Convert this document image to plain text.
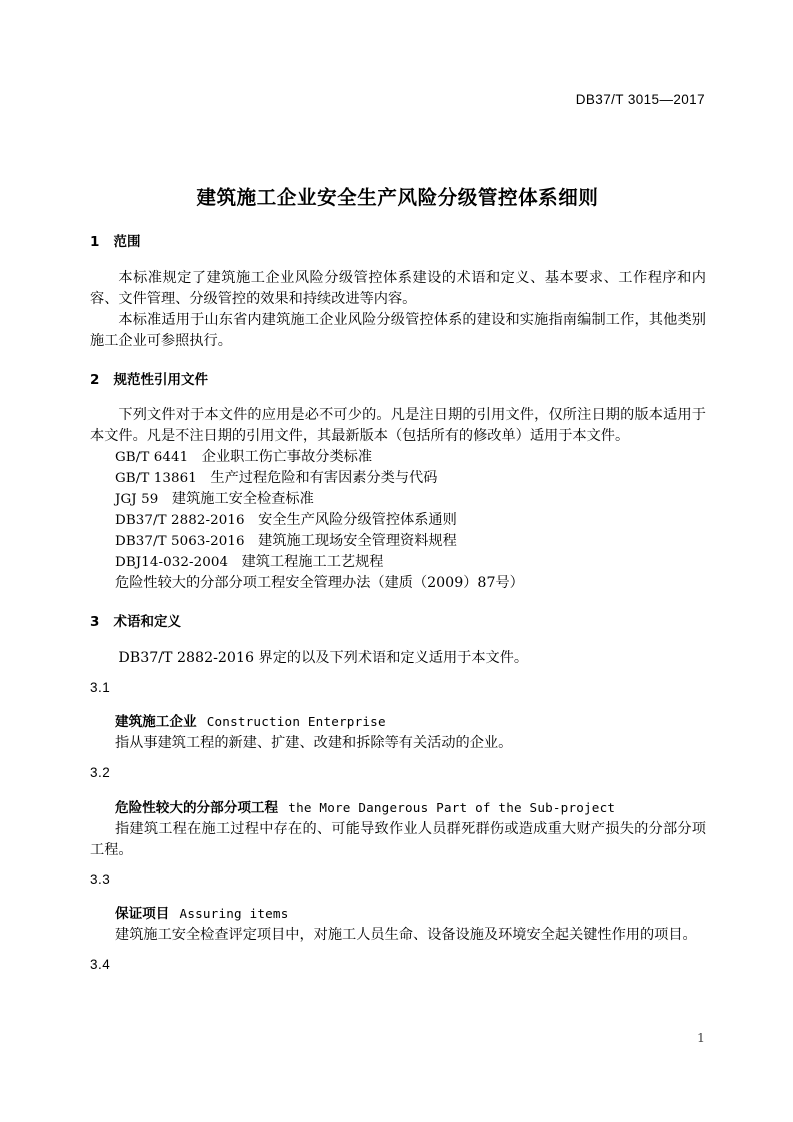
DB37/T 3015—2017
建筑施工企业安全生产风险分级管控体系细则
1 范围

本标准规定了建筑施工企业风险分级管控体系建设的术语和定义、基本要求、工作程序和内容、文件管理、分级管控的效果和持续改进等内容。

本标准适用于山东省内建筑施工企业风险分级管控体系的建设和实施指南编制工作，其他类别施工企业可参照执行。

2 规范性引用文件

下列文件对于本文件的应用是必不可少的。凡是注日期的引用文件，仅所注日期的版本适用于本文件。凡是不注日期的引用文件，其最新版本（包括所有的修改单）适用于本文件。

GB/T 6441 企业职工伤亡事故分类标准
GB/T 13861 生产过程危险和有害因素分类与代码
JGJ 59 建筑施工安全检查标准
DB37/T 2882-2016 安全生产风险分级管控体系通则
DB37/T 5063-2016 建筑施工现场安全管理资料规程
DBJ14-032-2004 建筑工程施工工艺规程
危险性较大的分部分项工程安全管理办法（建质（2009）87号）
3 术语和定义

DB37/T 2882-2016 界定的以及下列术语和定义适用于本文件。

3.1
建筑施工企业 Construction Enterprise

指从事建筑工程的新建、扩建、改建和拆除等有关活动的企业。

3.2
危险性较大的分部分项工程 the More Dangerous Part of the Sub-project

指建筑工程在施工过程中存在的、可能导致作业人员群死群伤或造成重大财产损失的分部分项工程。

3.3
保证项目 Assuring items

建筑施工安全检查评定项目中，对施工人员生命、设备设施及环境安全起关键性作用的项目。

3.4
1
